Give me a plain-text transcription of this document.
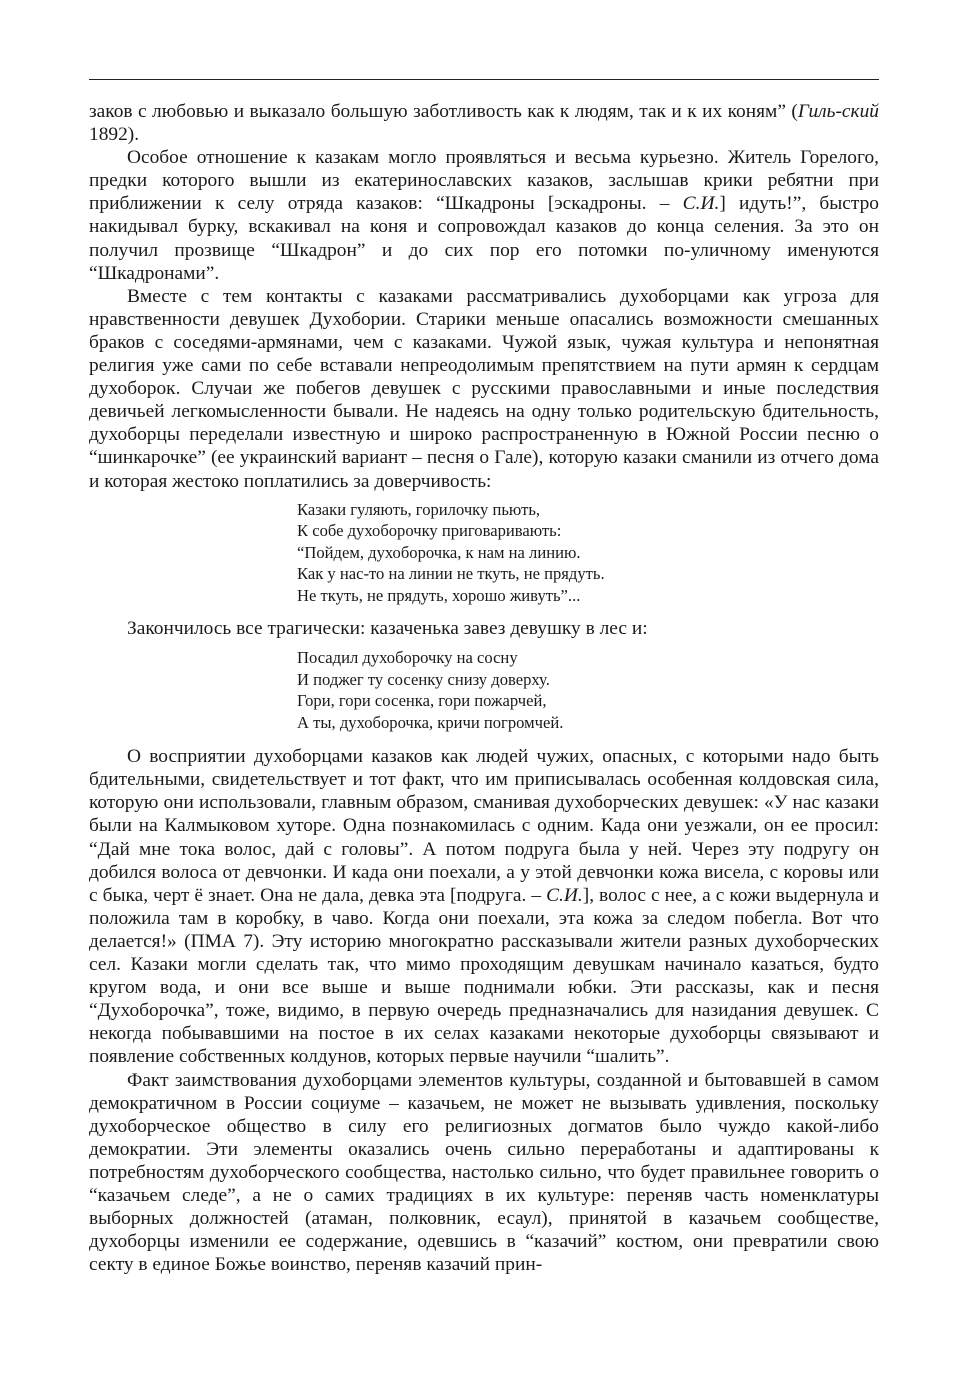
заков с любовью и выказало большую заботливость как к людям, так и к их коням” (Гиль-ский 1892).

Особое отношение к казакам могло проявляться и весьма курьезно. Житель Горелого, предки которого вышли из екатеринославских казаков, заслышав крики ребятни при приближении к селу отряда казаков: “Шкадроны [эскадроны. – С.И.] идуть!”, быстро накидывал бурку, вскакивал на коня и сопровождал казаков до конца селения. За это он получил прозвище “Шкадрон” и до сих пор его потомки по-уличному именуются “Шкадронами”.

Вместе с тем контакты с казаками рассматривались духоборцами как угроза для нравственности девушек Духобории. Старики меньше опасались возможности смешанных браков с соседями-армянами, чем с казаками. Чужой язык, чужая культура и непонятная религия уже сами по себе вставали непреодолимым препятствием на пути армян к сердцам духоборок. Случаи же побегов девушек с русскими православными и иные последствия девичьей легкомысленности бывали. Не надеясь на одну только родительскую бдительность, духоборцы переделали известную и широко распространенную в Южной России песню о “шинкарочке” (ее украинский вариант – песня о Гале), которую казаки сманили из отчего дома и которая жестоко поплатились за доверчивость:

Казаки гуляють, горилочку пьють,
К собе духоборочку приговаривають:
“Пойдем, духоборочка, к нам на линию.
Как у нас-то на линии не ткуть, не прядуть.
Не ткуть, не прядуть, хорошо живуть”...

Закончилось все трагически: казаченька завез девушку в лес и:

Посадил духоборочку на сосну
И поджег ту сосенку снизу доверху.
Гори, гори сосенка, гори пожарчей,
А ты, духоборочка, кричи погромчей.

О восприятии духоборцами казаков как людей чужих, опасных, с которыми надо быть бдительными, свидетельствует и тот факт, что им приписывалась особенная колдовская сила, которую они использовали, главным образом, сманивая духоборческих девушек: «У нас казаки были на Калмыковом хуторе. Одна познакомилась с одним. Када они уезжали, он ее просил: “Дай мне тока волос, дай с головы”. А потом подруга была у ней. Через эту подругу он добился волоса от девчонки. И када они поехали, а у этой девчонки кожа висела, с коровы или с быка, черт ё знает. Она не дала, девка эта [подруга. – С.И.], волос с нее, а с кожи выдернула и положила там в коробку, в чаво. Когда они поехали, эта кожа за следом побегла. Вот что делается!» (ПМА 7). Эту историю многократно рассказывали жители разных духоборческих сел. Казаки могли сделать так, что мимо проходящим девушкам начинало казаться, будто кругом вода, и они все выше и выше поднимали юбки. Эти рассказы, как и песня “Духоборочка”, тоже, видимо, в первую очередь предназначались для назидания девушек. С некогда побывавшими на постое в их селах казаками некоторые духоборцы связывают и появление собственных колдунов, которых первые научили “шалить”.

Факт заимствования духоборцами элементов культуры, созданной и бытовавшей в самом демократичном в России социуме – казачьем, не может не вызывать удивления, поскольку духоборческое общество в силу его религиозных догматов было чуждо какой-либо демократии. Эти элементы оказались очень сильно переработаны и адаптированы к потребностям духоборческого сообщества, настолько сильно, что будет правильнее говорить о “казачьем следе”, а не о самих традициях в их культуре: переняв часть номенклатуры выборных должностей (атаман, полковник, есаул), принятой в казачьем сообществе, духоборцы изменили ее содержание, одевшись в “казачий” костюм, они превратили свою секту в единое Божье воинство, переняв казачий прин-
